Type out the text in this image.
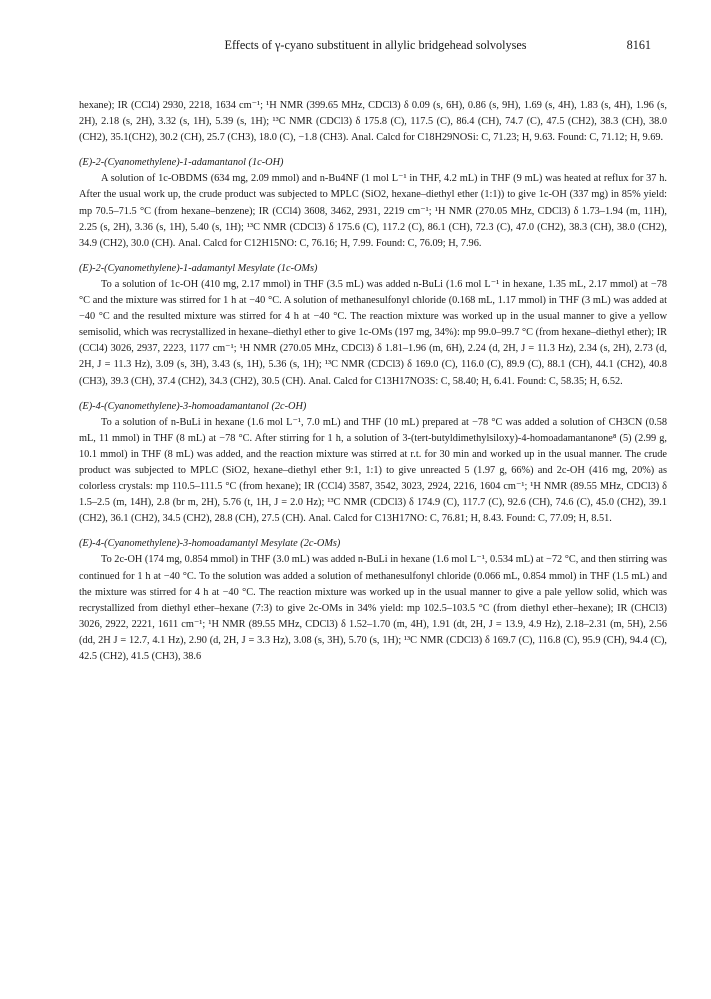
Effects of γ-cyano substituent in allylic bridgehead solvolyses	8161

hexane); IR (CCl4) 2930, 2218, 1634 cm⁻¹; ¹H NMR (399.65 MHz, CDCl3) δ 0.09 (s, 6H), 0.86 (s, 9H), 1.69 (s, 4H), 1.83 (s, 4H), 1.96 (s, 2H), 2.18 (s, 2H), 3.32 (s, 1H), 5.39 (s, 1H); ¹³C NMR (CDCl3) δ 175.8 (C), 117.5 (C), 86.4 (CH), 74.7 (C), 47.5 (CH2), 38.3 (CH), 38.0 (CH2), 35.1(CH2), 30.2 (CH), 25.7 (CH3), 18.0 (C), −1.8 (CH3). Anal. Calcd for C18H29NOSi: C, 71.23; H, 9.63. Found: C, 71.12; H, 9.69.

(E)-2-(Cyanomethylene)-1-adamantanol (1c-OH)

A solution of 1c-OBDMS (634 mg, 2.09 mmol) and n-Bu4NF (1 mol L⁻¹ in THF, 4.2 mL) in THF (9 mL) was heated at reflux for 37 h. After the usual work up, the crude product was subjected to MPLC (SiO2, hexane–diethyl ether (1:1)) to give 1c-OH (337 mg) in 85% yield: mp 70.5–71.5 °C (from hexane–benzene); IR (CCl4) 3608, 3462, 2931, 2219 cm⁻¹; ¹H NMR (270.05 MHz, CDCl3) δ 1.73–1.94 (m, 11H), 2.25 (s, 2H), 3.36 (s, 1H), 5.40 (s, 1H); ¹³C NMR (CDCl3) δ 175.6 (C), 117.2 (C), 86.1 (CH), 72.3 (C), 47.0 (CH2), 38.3 (CH), 38.0 (CH2), 34.9 (CH2), 30.0 (CH). Anal. Calcd for C12H15NO: C, 76.16; H, 7.99. Found: C, 76.09; H, 7.96.

(E)-2-(Cyanomethylene)-1-adamantyl Mesylate (1c-OMs)

To a solution of 1c-OH (410 mg, 2.17 mmol) in THF (3.5 mL) was added n-BuLi (1.6 mol L⁻¹ in hexane, 1.35 mL, 2.17 mmol) at −78 °C and the mixture was stirred for 1 h at −40 °C. A solution of methanesulfonyl chloride (0.168 mL, 1.17 mmol) in THF (3 mL) was added at −40 °C and the resulted mixture was stirred for 4 h at −40 °C. The reaction mixture was worked up in the usual manner to give a yellow semisolid, which was recrystallized in hexane–diethyl ether to give 1c-OMs (197 mg, 34%): mp 99.0–99.7 °C (from hexane–diethyl ether); IR (CCl4) 3026, 2937, 2223, 1177 cm⁻¹; ¹H NMR (270.05 MHz, CDCl3) δ 1.81–1.96 (m, 6H), 2.24 (d, 2H, J = 11.3 Hz), 2.34 (s, 2H), 2.73 (d, 2H, J = 11.3 Hz), 3.09 (s, 3H), 3.43 (s, 1H), 5.36 (s, 1H); ¹³C NMR (CDCl3) δ 169.0 (C), 116.0 (C), 89.9 (C), 88.1 (CH), 44.1 (CH2), 40.8 (CH3), 39.3 (CH), 37.4 (CH2), 34.3 (CH2), 30.5 (CH). Anal. Calcd for C13H17NO3S: C, 58.40; H, 6.41. Found: C, 58.35; H, 6.52.

(E)-4-(Cyanomethylene)-3-homoadamantanol (2c-OH)

To a solution of n-BuLi in hexane (1.6 mol L⁻¹, 7.0 mL) and THF (10 mL) prepared at −78 °C was added a solution of CH3CN (0.58 mL, 11 mmol) in THF (8 mL) at −78 °C. After stirring for 1 h, a solution of 3-(tert-butyldimethylsiloxy)-4-homoadamantanone⁸ (5) (2.99 g, 10.1 mmol) in THF (8 mL) was added, and the reaction mixture was stirred at r.t. for 30 min and worked up in the usual manner. The crude product was subjected to MPLC (SiO2, hexane–diethyl ether 9:1, 1:1) to give unreacted 5 (1.97 g, 66%) and 2c-OH (416 mg, 20%) as colorless crystals: mp 110.5–111.5 °C (from hexane); IR (CCl4) 3587, 3542, 3023, 2924, 2216, 1604 cm⁻¹; ¹H NMR (89.55 MHz, CDCl3) δ 1.5–2.5 (m, 14H), 2.8 (br m, 2H), 5.76 (t, 1H, J = 2.0 Hz); ¹³C NMR (CDCl3) δ 174.9 (C), 117.7 (C), 92.6 (CH), 74.6 (C), 45.0 (CH2), 39.1 (CH2), 36.1 (CH2), 34.5 (CH2), 28.8 (CH), 27.5 (CH). Anal. Calcd for C13H17NO: C, 76.81; H, 8.43. Found: C, 77.09; H, 8.51.

(E)-4-(Cyanomethylene)-3-homoadamantyl Mesylate (2c-OMs)

To 2c-OH (174 mg, 0.854 mmol) in THF (3.0 mL) was added n-BuLi in hexane (1.6 mol L⁻¹, 0.534 mL) at −72 °C, and then stirring was continued for 1 h at −40 °C. To the solution was added a solution of methanesulfonyl chloride (0.066 mL, 0.854 mmol) in THF (1.5 mL) and the mixture was stirred for 4 h at −40 °C. The reaction mixture was worked up in the usual manner to give a pale yellow solid, which was recrystallized from diethyl ether–hexane (7:3) to give 2c-OMs in 34% yield: mp 102.5–103.5 °C (from diethyl ether–hexane); IR (CHCl3) 3026, 2922, 2221, 1611 cm⁻¹; ¹H NMR (89.55 MHz, CDCl3) δ 1.52–1.70 (m, 4H), 1.91 (dt, 2H, J = 13.9, 4.9 Hz), 2.18–2.31 (m, 5H), 2.56 (dd, 2H J = 12.7, 4.1 Hz), 2.90 (d, 2H, J = 3.3 Hz), 3.08 (s, 3H), 5.70 (s, 1H); ¹³C NMR (CDCl3) δ 169.7 (C), 116.8 (C), 95.9 (CH), 94.4 (C), 42.5 (CH2), 41.5 (CH3), 38.6
